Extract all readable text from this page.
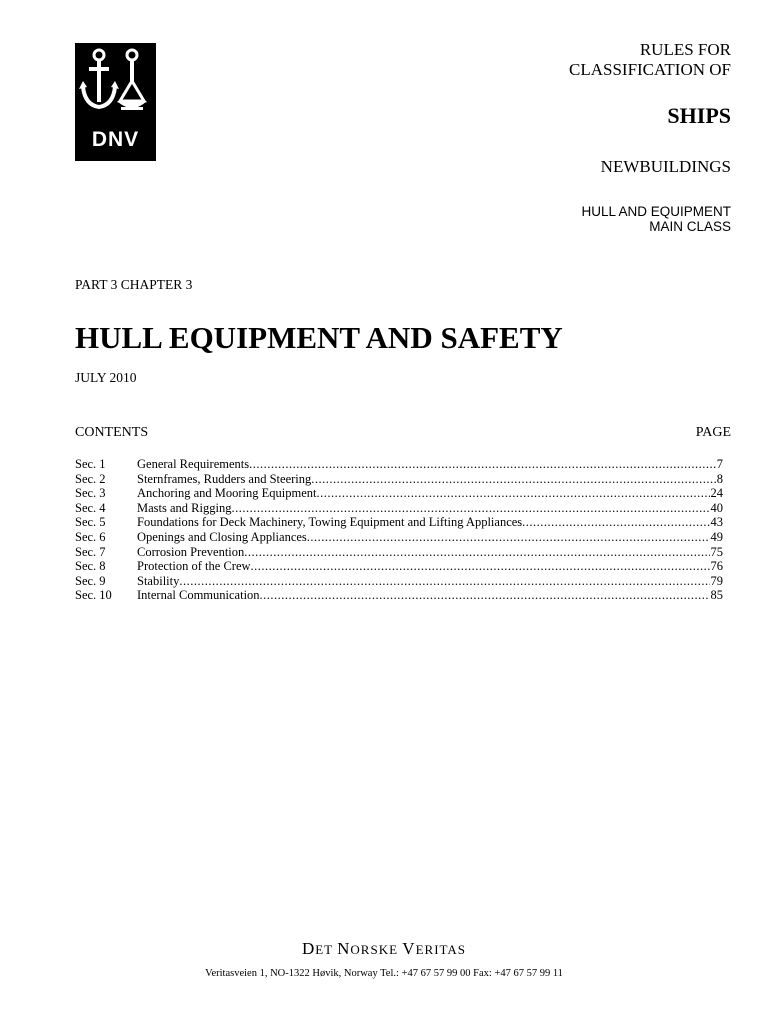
DNV
RULES FOR
CLASSIFICATION OF
SHIPS
NEWBUILDINGS
HULL AND EQUIPMENT
MAIN CLASS
PART 3 CHAPTER 3
HULL EQUIPMENT AND SAFETY
JULY 2010
CONTENTS	PAGE
Sec. 1	General Requirements .....	7
Sec. 2	Sternframes, Rudders and Steering .....	8
Sec. 3	Anchoring and Mooring Equipment .....	24
Sec. 4	Masts and Rigging .....	40
Sec. 5	Foundations for Deck Machinery, Towing Equipment and Lifting Appliances .....	43
Sec. 6	Openings and Closing Appliances .....	49
Sec. 7	Corrosion Prevention .....	75
Sec. 8	Protection of the Crew .....	76
Sec. 9	Stability .....	79
Sec. 10	Internal Communication .....	85
DET NORSKE VERITAS
Veritasveien 1, NO-1322 Høvik, Norway Tel.: +47 67 57 99 00 Fax: +47 67 57 99 11
